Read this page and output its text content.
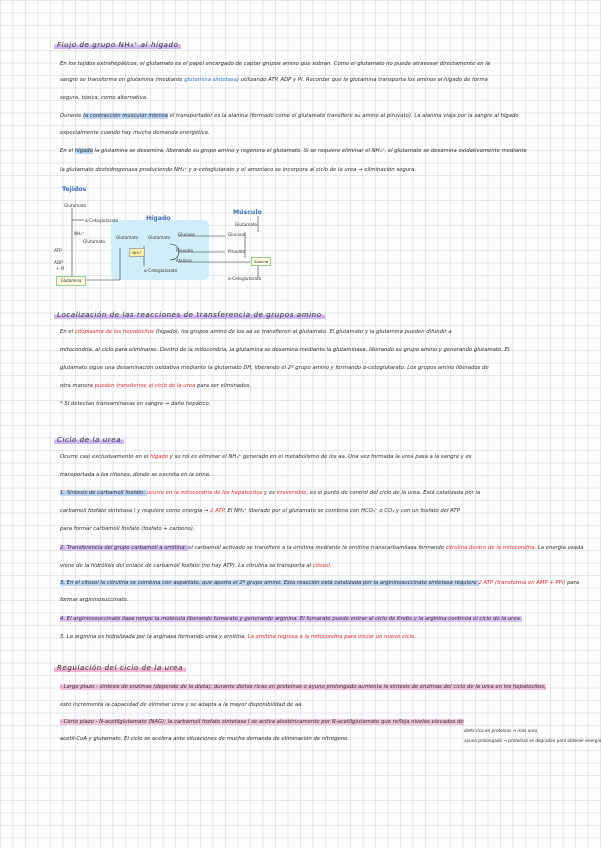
Flujo de grupo NH₃⁺ al hígado
En los tejidos extrahepáticos, el glutamato es el papel encargado de captar grupos amino que sobran. Como el glutamato no puede atravesar directamente en la
sangre se transforma en glutamina (mediante glutamina sintetasa) utilizando ATP, ADP y Pi. Recordar que la glutamina transporta los aminos al hígado de forma
segura, tóxica, como alternativa.
Durante la contracción muscular intensa el transportador es la alanina (formado como el glutamato transfiere su amino al piruvato). La alanina viaja por la sangre al hígado
especialmente cuando hay mucha demanda energética.
En el hígado la glutamina se desamina, liberando su grupo amino y regenera el glutamato. Si se requiere eliminar el NH₄⁺, el glutamato se desamina oxidativamente mediante
la glutamato deshidrogenasa produciendo NH₄⁺ y α-cetoglutarato y el amoníaco se incorpora al ciclo de la urea → eliminación segura.
Tejidos
Hígado
Músculo
Glutamato
α-Cetoglutarato
NH₄⁺
Glutamato
ATP
ADP
+ Pi
Glutamina
Glutamato Glutamato
Glucosa
NH₄⁺	Piruvato
Alanina
α-Cetoglutarato
Glutamato
Glucosa
Piruvato
Alanina
α-Cetoglutarato
Localización de las reacciones de transferencia de grupos amino
En el citoplasma de los hepatocitos (hígado), los grupos amino de los aa se transfieren al glutamato. El glutamato y la glutamina pueden difundir a
mitocondria, al ciclo para eliminarse. Dentro de la mitocondria, la glutamina se desamina mediante la glutaminasa, liberando su grupo amino y generando glutamato. El
glutamato sigue una desaminación oxidativa mediante la glutamato DH, liberando el 2º grupo amino y formando α-cetoglutarato. Los grupos amino liberados de
otra manera pueden transferirse al ciclo de la urea para ser eliminados.
* Si detectan transaminasas en sangre → daño hepático.
Ciclo de la urea
Ocurre casi exclusivamente en el hígado y su rol es eliminar el NH₄⁺ generado en el metabolismo de los aa. Una vez formada la urea pasa a la sangre y es
transportada a los riñones, donde se excreta en la orina.
1. Síntesis de carbamoil fosfato: ocurre en la mitocondria de los hepatocitos y es irreversible, es el punto de control del ciclo de la urea. Está catalizada por la
carbamoil fosfato sintetasa I y requiere como energía → 2 ATP. El NH₄⁺ liberado por el glutamato se combina con HCO₃⁻ o CO₂ y con un fosfato del ATP
para formar carbamoil fosfato (fosfato + carbono).
2. Transferencia del grupo carbamoil a ornitina: el carbamoil activado se transfiere a la ornitina mediante la ornitina transcarbamilasa formando citrulina dentro de la mitocondria. La energía usada
viene de la hidrólisis del enlace de carbamoil fosfato (no hay ATP). La citrulina se transporta al citosol.
3. En el citosol la citrulina se combina con aspartato, que aporta el 2º grupo amino. Esta reacción está catalizada por la argininosuccinato sintetasa requiere 2 ATP (transforma en AMP + PPi) para
formar argininosuccinato.
4. El argininosuccinato liasa rompe la molécula liberando fumarato y generando arginina. El fumarato puede entrar al ciclo de Krebs y la arginina continúa el ciclo de la urea.
5. La arginina es hidrolizada por la arginasa formando urea y ornitina. La ornitina regresa a la mitocondria para iniciar un nuevo ciclo.
Regulación del ciclo de la urea
- Largo plazo - síntesis de enzimas (depende de la dieta): durante dietas ricas en proteínas o ayuno prolongado aumenta la síntesis de enzimas del ciclo de la urea en los hepatocitos,
esto incrementa la capacidad de eliminar urea y se adapta a la mayor disponibilidad de aa.
- Corto plazo - N-acetilglutamato (NAG): la carbamoil fosfato sintetasa I se activa alostéricamente por N-acetilglutamato que refleja niveles elevados de
acetil-CoA y glutamato. El ciclo se acelera ante situaciones de mucha demanda de eliminación de nitrógeno.
dieta rica en proteínas → más urea
ayuno prolongado → proteínas se degradan para obtener energía
